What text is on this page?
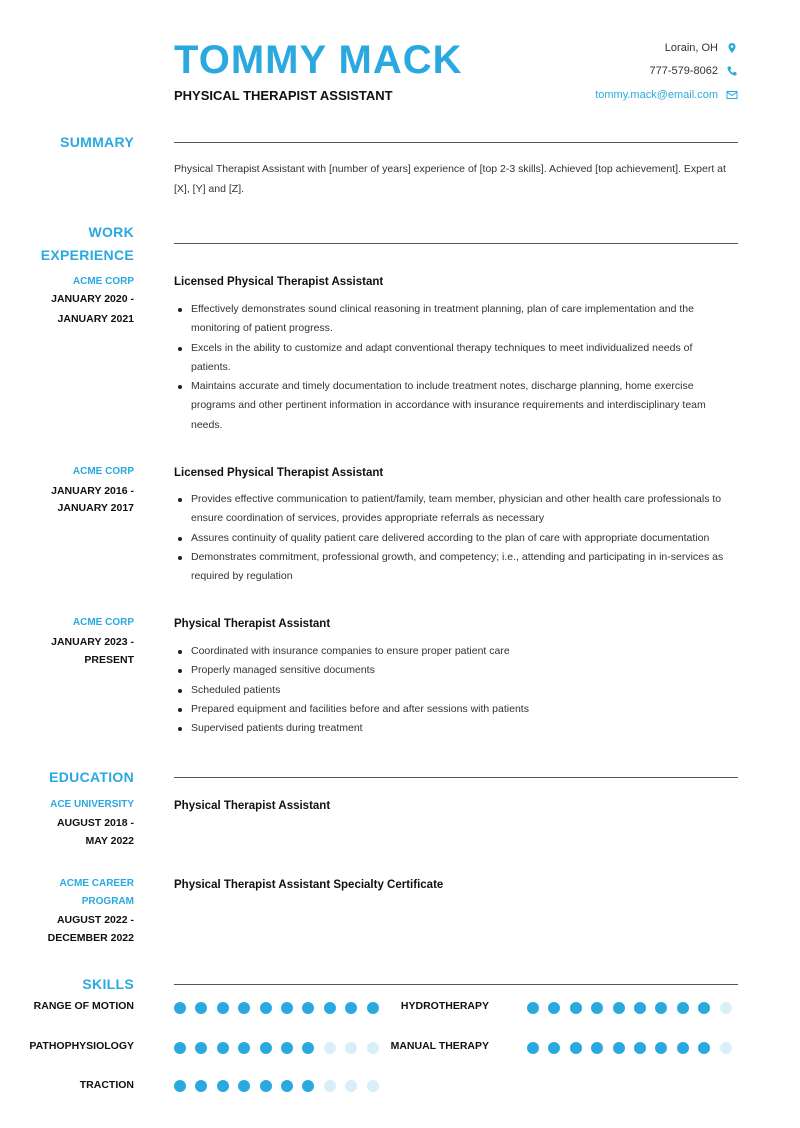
TOMMY MACK
PHYSICAL THERAPIST ASSISTANT
Lorain, OH
777-579-8062
tommy.mack@email.com
SUMMARY
Physical Therapist Assistant with [number of years] experience of [top 2-3 skills]. Achieved [top achievement]. Expert at [X], [Y] and [Z].
WORK
EXPERIENCE
ACME CORP
JANUARY 2020 -
JANUARY 2021
Licensed Physical Therapist Assistant
Effectively demonstrates sound clinical reasoning in treatment planning, plan of care implementation and the monitoring of patient progress.
Excels in the ability to customize and adapt conventional therapy techniques to meet individualized needs of patients.
Maintains accurate and timely documentation to include treatment notes, discharge planning, home exercise programs and other pertinent information in accordance with insurance requirements and interdisciplinary team needs.
ACME CORP
JANUARY 2016 -
JANUARY 2017
Licensed Physical Therapist Assistant
Provides effective communication to patient/family, team member, physician and other health care professionals to ensure coordination of services, provides appropriate referrals as necessary
Assures continuity of quality patient care delivered according to the plan of care with appropriate documentation
Demonstrates commitment, professional growth, and competency; i.e., attending and participating in in-services as required by regulation
ACME CORP
JANUARY 2023 -
PRESENT
Physical Therapist Assistant
Coordinated with insurance companies to ensure proper patient care
Properly managed sensitive documents
Scheduled patients
Prepared equipment and facilities before and after sessions with patients
Supervised patients during treatment
EDUCATION
ACE UNIVERSITY
AUGUST 2018 -
MAY 2022
Physical Therapist Assistant
ACME CAREER
PROGRAM
AUGUST 2022 -
DECEMBER 2022
Physical Therapist Assistant Specialty Certificate
SKILLS
RANGE OF MOTION	HYDROTHERAPY
PATHOPHYSIOLOGY	MANUAL THERAPY
TRACTION
